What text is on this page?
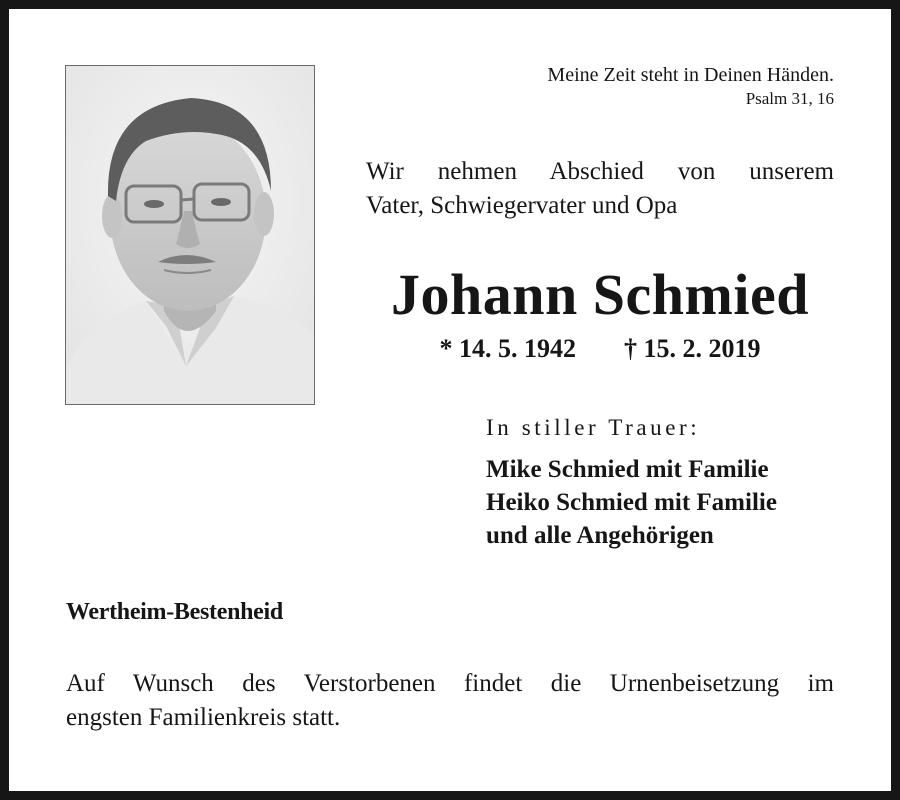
Meine Zeit steht in Deinen Händen.
Psalm 31, 16
Wir nehmen Abschied von unserem
Vater, Schwiegervater und Opa
Johann Schmied
* 14. 5. 1942 † 15. 2. 2019
In stiller Trauer:
Mike Schmied mit Familie
Heiko Schmied mit Familie
und alle Angehörigen
Wertheim-Bestenheid
Auf Wunsch des Verstorbenen findet die Urnenbeisetzung im
engsten Familienkreis statt.
